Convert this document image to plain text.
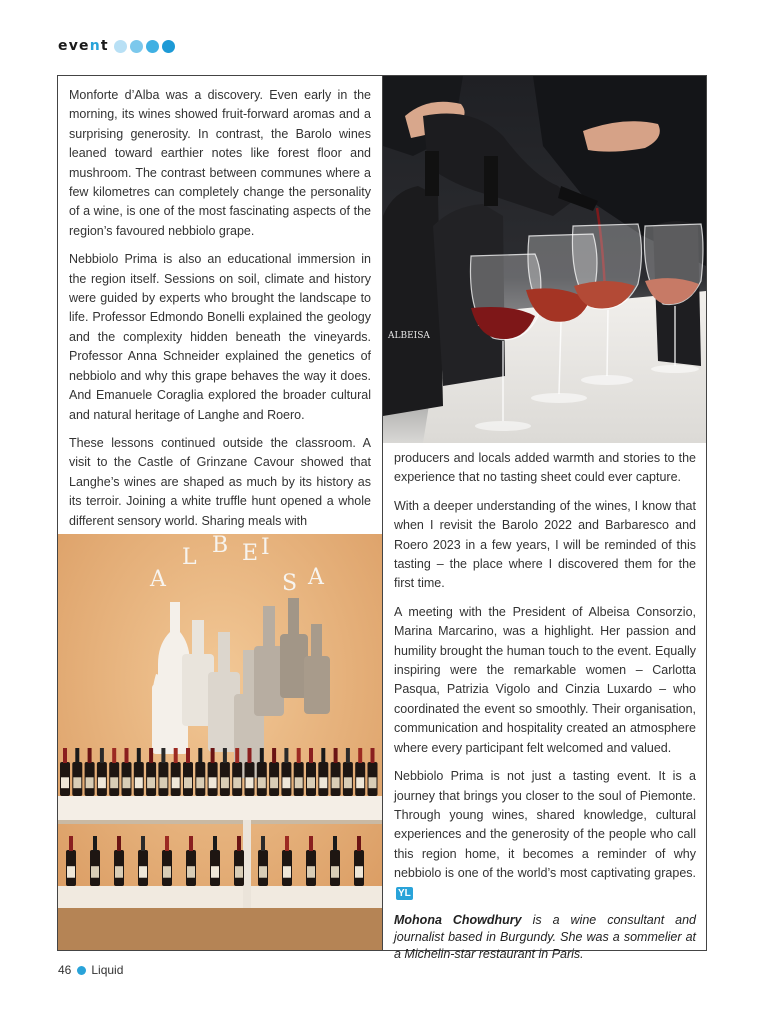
event

Monforte d’Alba was a discovery. Even early in the morning, its wines showed fruit-forward aromas and a surprising generosity. In contrast, the Barolo wines leaned toward earthier notes like forest floor and mushroom. The contrast between communes where a few kilometres can completely change the personality of a wine, is one of the most fascinating aspects of the region’s favoured nebbiolo grape.

Nebbiolo Prima is also an educational immersion in the region itself. Sessions on soil, climate and history were guided by experts who brought the landscape to life. Professor Edmondo Bonelli explained the geology and the complexity hidden beneath the vineyards. Professor Anna Schneider explained the genetics of nebbiolo and why this grape behaves the way it does. And Emanuele Coraglia explored the broader cultural and natural heritage of Langhe and Roero.

These lessons continued outside the classroom. A visit to the Castle of Grinzane Cavour showed that Langhe’s wines are shaped as much by its history as its terroir. Joining a white truffle hunt opened a whole different sensory world. Sharing meals with

ALBEISA
A
L B E I
S A

producers and locals added warmth and stories to the experience that no tasting sheet could ever capture.

With a deeper understanding of the wines, I know that when I revisit the Barolo 2022 and Barbaresco and Roero 2023 in a few years, I will be reminded of this tasting – the place where I discovered them for the first time.

A meeting with the President of Albeisa Consorzio, Marina Marcarino, was a highlight. Her passion and humility brought the human touch to the event. Equally inspiring were the remarkable women – Carlotta Pasqua, Patrizia Vigolo and Cinzia Luxardo – who coordinated the event so smoothly. Their organisation, communication and hospitality created an atmosphere where every participant felt welcomed and valued.

Nebbiolo Prima is not just a tasting event. It is a journey that brings you closer to the soul of Piemonte. Through young wines, shared knowledge, cultural experiences and the generosity of the people who call this region home, it becomes a reminder of why nebbiolo is one of the world’s most captivating grapes. YL

Mohona Chowdhury is a wine consultant and journalist based in Burgundy. She was a sommelier at a Michelin-star restaurant in Paris.

46 Liquid
